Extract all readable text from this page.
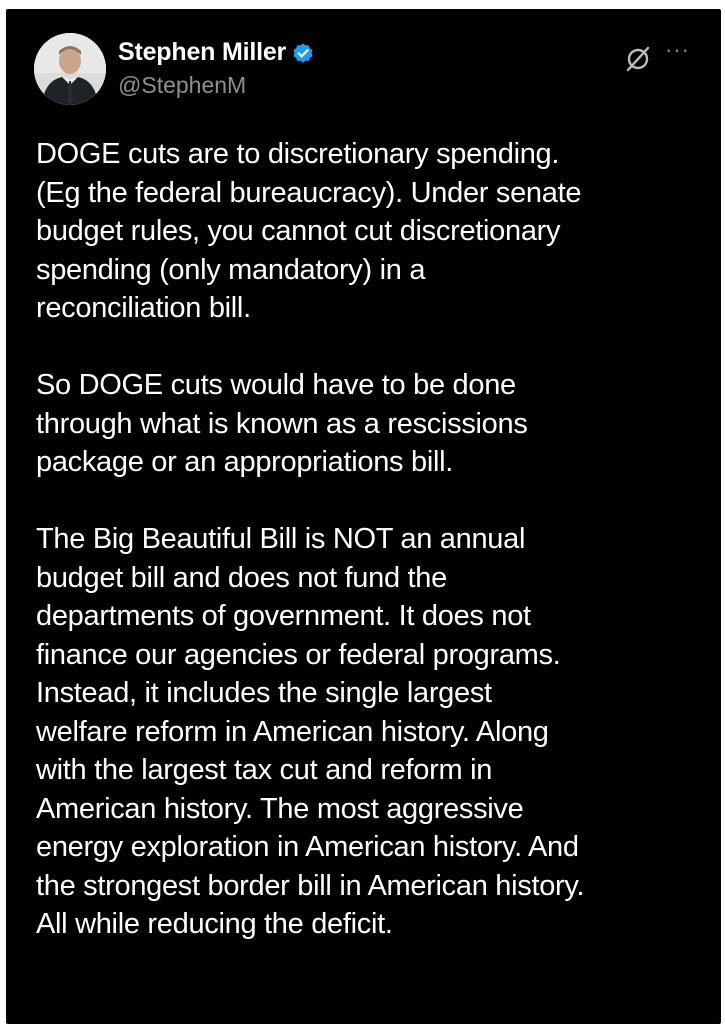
Stephen Miller
@StephenM
···

DOGE cuts are to discretionary spending.
(Eg the federal bureaucracy). Under senate
budget rules, you cannot cut discretionary
spending (only mandatory) in a
reconciliation bill.

So DOGE cuts would have to be done
through what is known as a rescissions
package or an appropriations bill.

The Big Beautiful Bill is NOT an annual
budget bill and does not fund the
departments of government. It does not
finance our agencies or federal programs.
Instead, it includes the single largest
welfare reform in American history. Along
with the largest tax cut and reform in
American history. The most aggressive
energy exploration in American history. And
the strongest border bill in American history.
All while reducing the deficit.
